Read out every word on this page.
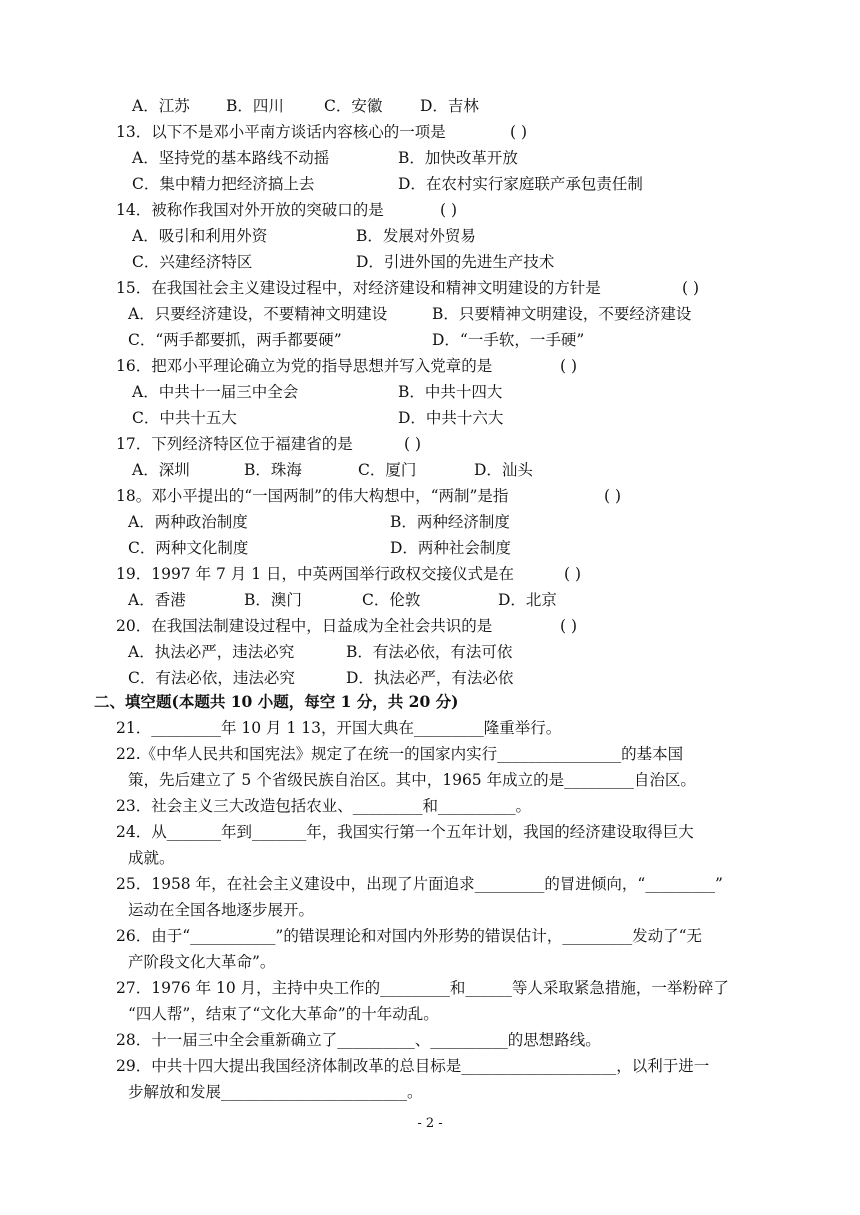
A．江苏 B．四川	C．安徽 D．吉林
13．以下不是邓小平南方谈话内容核心的一项是	( )
A．坚持党的基本路线不动摇	B．加快改革开放
C．集中精力把经济搞上去	D．在农村实行家庭联产承包责任制
14．被称作我国对外开放的突破口的是	( )
A．吸引和利用外资	B．发展对外贸易
C．兴建经济特区	D．引进外国的先进生产技术
15．在我国社会主义建设过程中，对经济建设和精神文明建设的方针是	( )
A．只要经济建设，不要精神文明建设	B．只要精神文明建设，不要经济建设
C．“两手都要抓，两手都要硬”	D．“一手软，一手硬”
16．把邓小平理论确立为党的指导思想并写入党章的是	( )
A．中共十一届三中全会	B．中共十四大
C．中共十五大	D．中共十六大
17．下列经济特区位于福建省的是	( )
A．深圳	B．珠海	C．厦门	D．汕头
18。邓小平提出的“一国两制”的伟大构想中，“两制”是指	( )
A．两种政治制度	B．两种经济制度
C．两种文化制度	D．两种社会制度
19．1997 年 7 月 1 日，中英两国举行政权交接仪式是在	( )
A．香港	B．澳门	C．伦敦	D．北京
20．在我国法制建设过程中，日益成为全社会共识的是	( )
A．执法必严，违法必究	B．有法必依，有法可依
C．有法必依，违法必究	D．执法必严，有法必依
二、填空题(本题共 10 小题，每空 1 分，共 20 分)
21．_________年 10 月 1 13，开国大典在_________隆重举行。
22.《中华人民共和国宪法》规定了在统一的国家内实行________________的基本国
策，先后建立了 5 个省级民族自治区。其中，1965 年成立的是_________自治区。
23．社会主义三大改造包括农业、_________和__________。
24．从_______年到_______年，我国实行第一个五年计划，我国的经济建设取得巨大
成就。
25．1958 年，在社会主义建设中，出现了片面追求_________的冒进倾向，“_________”
运动在全国各地逐步展开。
26．由于“___________”的错误理论和对国内外形势的错误估计，_________发动了“无
产阶段文化大革命”。
27．1976 年 10 月，主持中央工作的_________和______等人采取紧急措施，一举粉碎了
“四人帮”，结束了“文化大革命”的十年动乱。
28．十一届三中全会重新确立了__________、__________的思想路线。
29．中共十四大提出我国经济体制改革的总目标是____________________，以利于进一
步解放和发展________________________。
- 2 -
